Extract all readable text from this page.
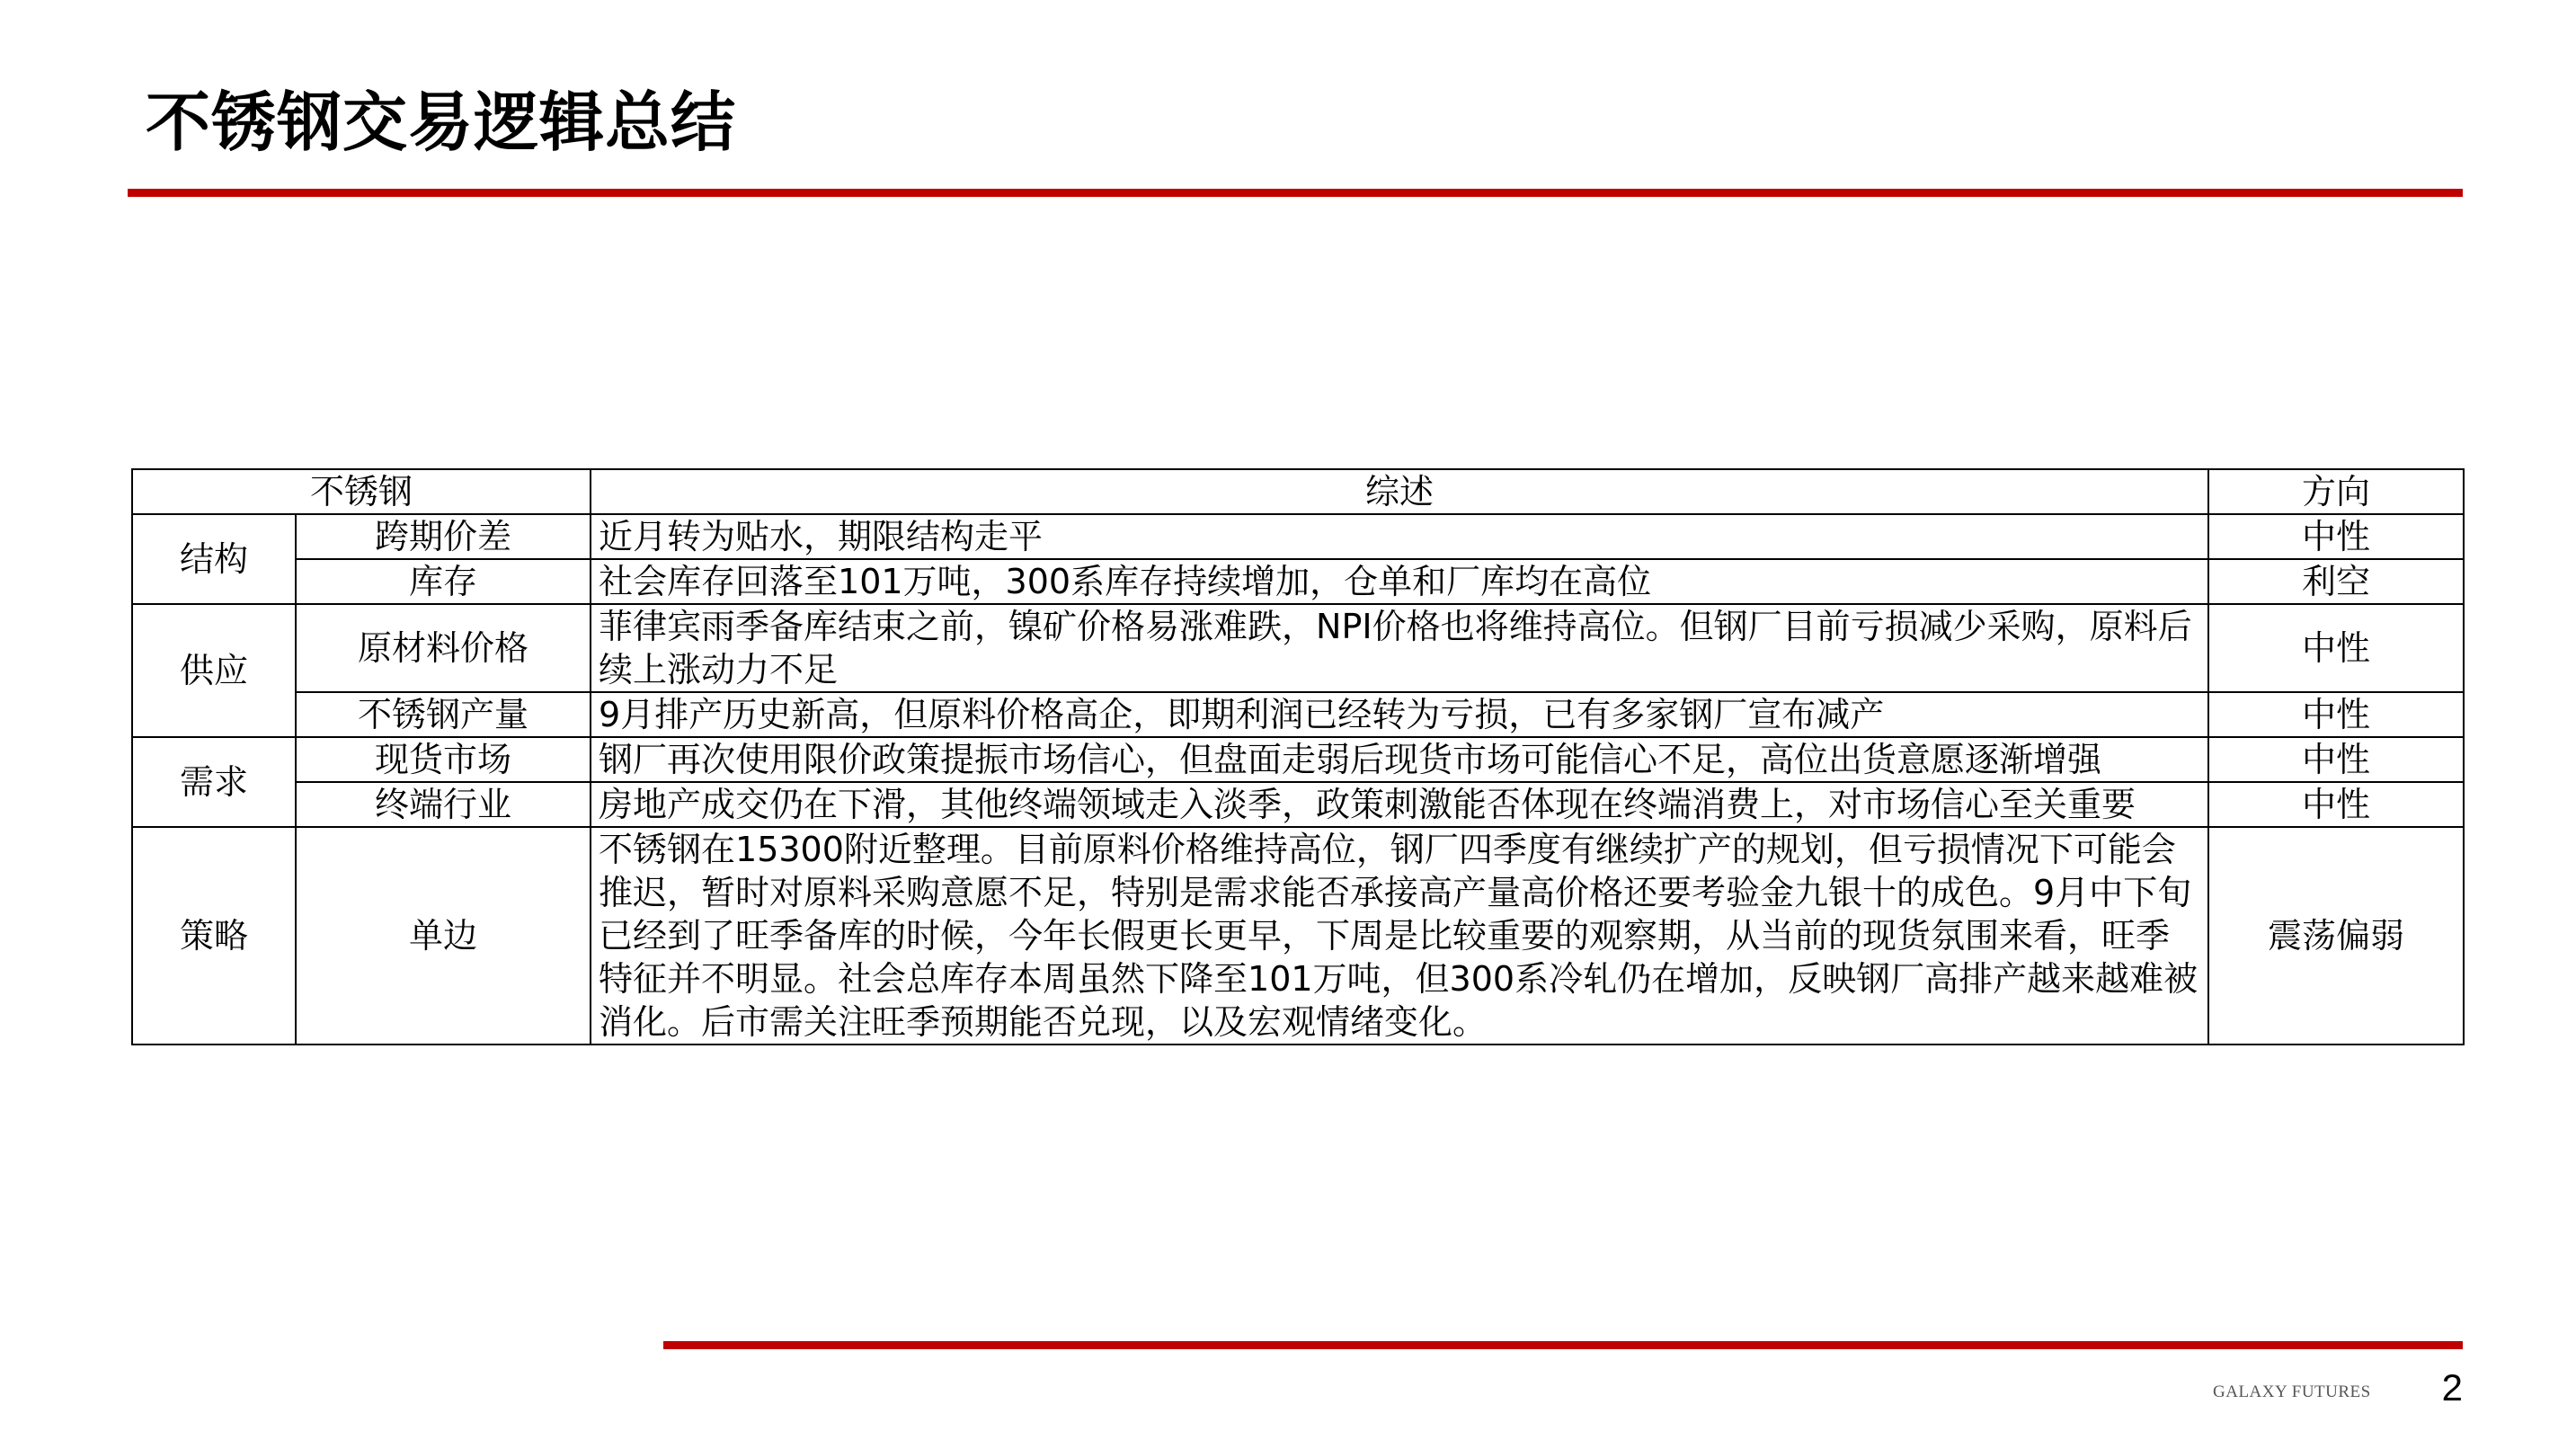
不锈钢交易逻辑总结
不锈钢		综述	方向
结构	跨期价差	近月转为贴水，期限结构走平	中性
	库存	社会库存回落至101万吨，300系库存持续增加，仓单和厂库均在高位	利空
供应	原材料价格	菲律宾雨季备库结束之前，镍矿价格易涨难跌，NPI价格也将维持高位。但钢厂目前亏损减少采购，原料后续上涨动力不足	中性
	不锈钢产量	9月排产历史新高，但原料价格高企，即期利润已经转为亏损，已有多家钢厂宣布减产	中性
需求	现货市场	钢厂再次使用限价政策提振市场信心，但盘面走弱后现货市场可能信心不足，高位出货意愿逐渐增强	中性
	终端行业	房地产成交仍在下滑，其他终端领域走入淡季，政策刺激能否体现在终端消费上，对市场信心至关重要	中性
策略	单边	不锈钢在15300附近整理。目前原料价格维持高位，钢厂四季度有继续扩产的规划，但亏损情况下可能会推迟，暂时对原料采购意愿不足，特别是需求能否承接高产量高价格还要考验金九银十的成色。9月中下旬已经到了旺季备库的时候，今年长假更长更早，下周是比较重要的观察期，从当前的现货氛围来看，旺季特征并不明显。社会总库存本周虽然下降至101万吨，但300系冷轧仍在增加，反映钢厂高排产越来越难被消化。后市需关注旺季预期能否兑现，以及宏观情绪变化。	震荡偏弱
GALAXY FUTURES	2
